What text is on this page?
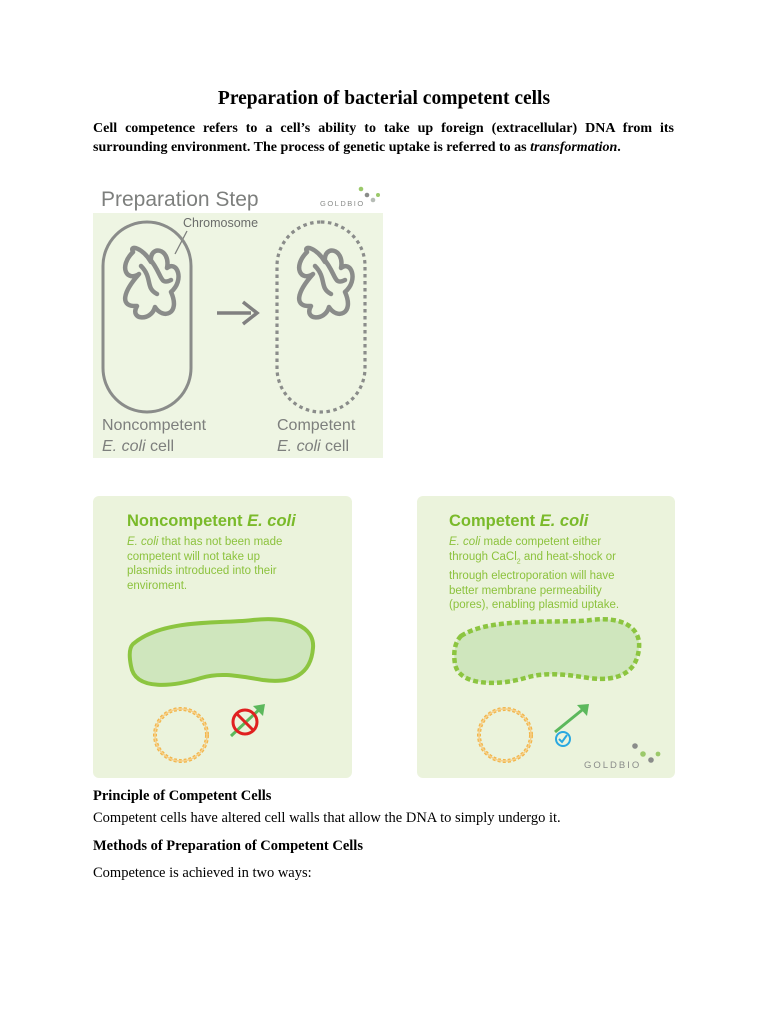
Preparation of bacterial competent cells
Cell competence refers to a cell’s ability to take up foreign (extracellular) DNA from its surrounding environment. The process of genetic uptake is referred to as transformation.
Preparation Step	GOLDBIO
Chromosome
Noncompetent
E. coli cell
Competent
E. coli cell
GOLDBIO
Noncompetent E. coli
E. coli that has not been made
competent will not take up
plasmids introduced into their
enviroment.
Competent E. coli
E. coli made competent either
through CaCl$_2$ and heat-shock or
through electroporation will have
better membrane permeability
(pores), enabling plasmid uptake.
Principle of Competent Cells
Competent cells have altered cell walls that allow the DNA to simply undergo it.
Methods of Preparation of Competent Cells
Competence is achieved in two ways:
